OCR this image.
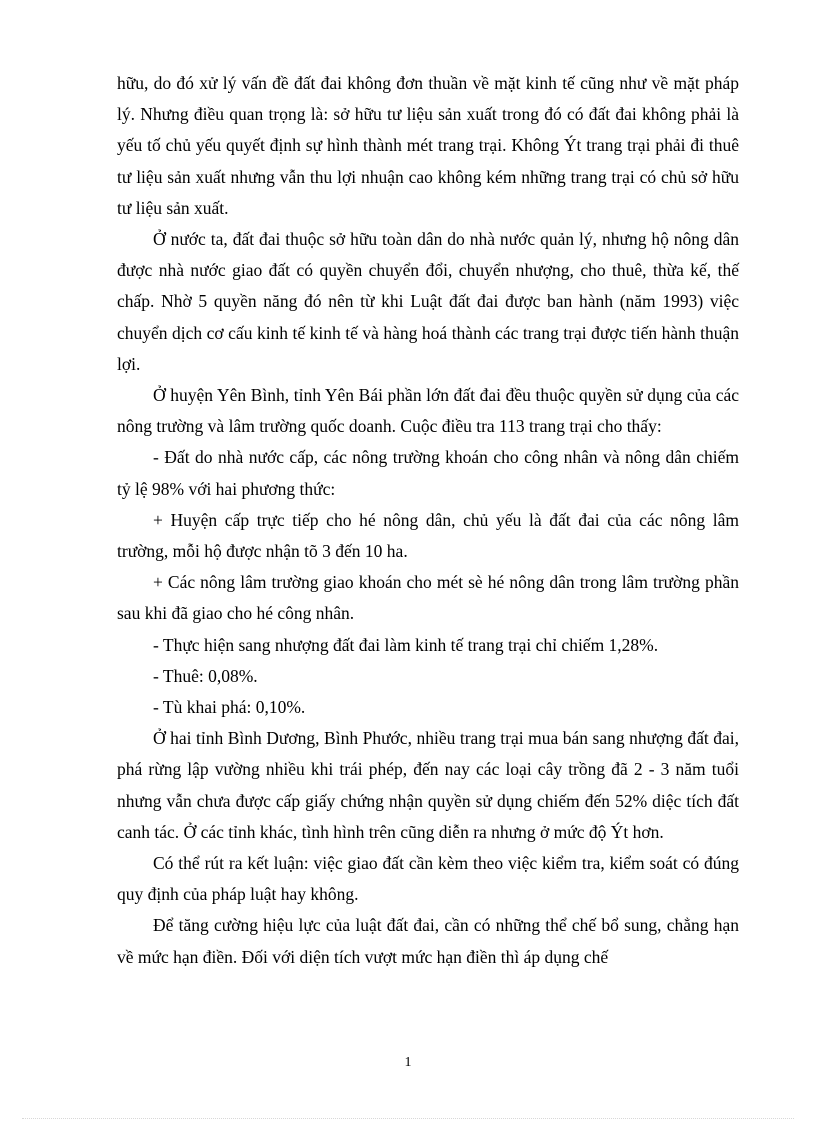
hữu, do đó xử lý vấn đề đất đai không đơn thuần về mặt kinh tế cũng như về mặt pháp lý. Nhưng điều quan trọng là: sở hữu tư liệu sản xuất trong đó có đất đai không phải là yếu tố chủ yếu quyết định sự hình thành mét trang trại. Không Ýt trang trại phải đi thuê tư liệu sản xuất nhưng vẫn thu lợi nhuận cao không kém những trang trại có chủ sở hữu tư liệu sản xuất.

Ở nước ta, đất đai thuộc sở hữu toàn dân do nhà nước quản lý, nhưng hộ nông dân được nhà nước giao đất có quyền chuyển đổi, chuyển nhượng, cho thuê, thừa kế, thế chấp. Nhờ 5 quyền năng đó nên từ khi Luật đất đai được ban hành (năm 1993) việc chuyển dịch cơ cấu kinh tế kinh tế và hàng hoá thành các trang trại được tiến hành thuận lợi.

Ở huyện Yên Bình, tỉnh Yên Bái phần lớn đất đai đều thuộc quyền sử dụng của các nông trường và lâm trường quốc doanh. Cuộc điều tra 113 trang trại cho thấy:

- Đất do nhà nước cấp, các nông trường khoán cho công nhân và nông dân chiếm tỷ lệ 98% với hai phương thức:

+ Huyện cấp trực tiếp cho hé nông dân, chủ yếu là đất đai của các nông lâm trường, mỗi hộ được nhận tõ 3 đến 10 ha.

+ Các nông lâm trường giao khoán cho mét sè hé nông dân trong lâm trường phần sau khi đã giao cho hé công nhân.

- Thực hiện sang nhượng đất đai làm kinh tế trang trại chỉ chiếm 1,28%.

- Thuê: 0,08%.

- Tù khai phá: 0,10%.

Ở hai tỉnh Bình Dương, Bình Phước, nhiều trang trại mua bán sang nhượng đất đai, phá rừng lập vường nhiều khi trái phép, đến nay các loại cây trồng đã 2 - 3 năm tuổi nhưng vẫn chưa được cấp giấy chứng nhận quyền sử dụng chiếm đến 52% diệc tích đất canh tác. Ở các tỉnh khác, tình hình trên cũng diễn ra nhưng ở mức độ Ýt hơn.

Có thể rút ra kết luận: việc giao đất cần kèm theo việc kiểm tra, kiểm soát có đúng quy định của pháp luật hay không.

Để tăng cường hiệu lực của luật đất đai, cần có những thể chế bổ sung, chẳng hạn về mức hạn điền. Đối với diện tích vượt mức hạn điền thì áp dụng chế

1
